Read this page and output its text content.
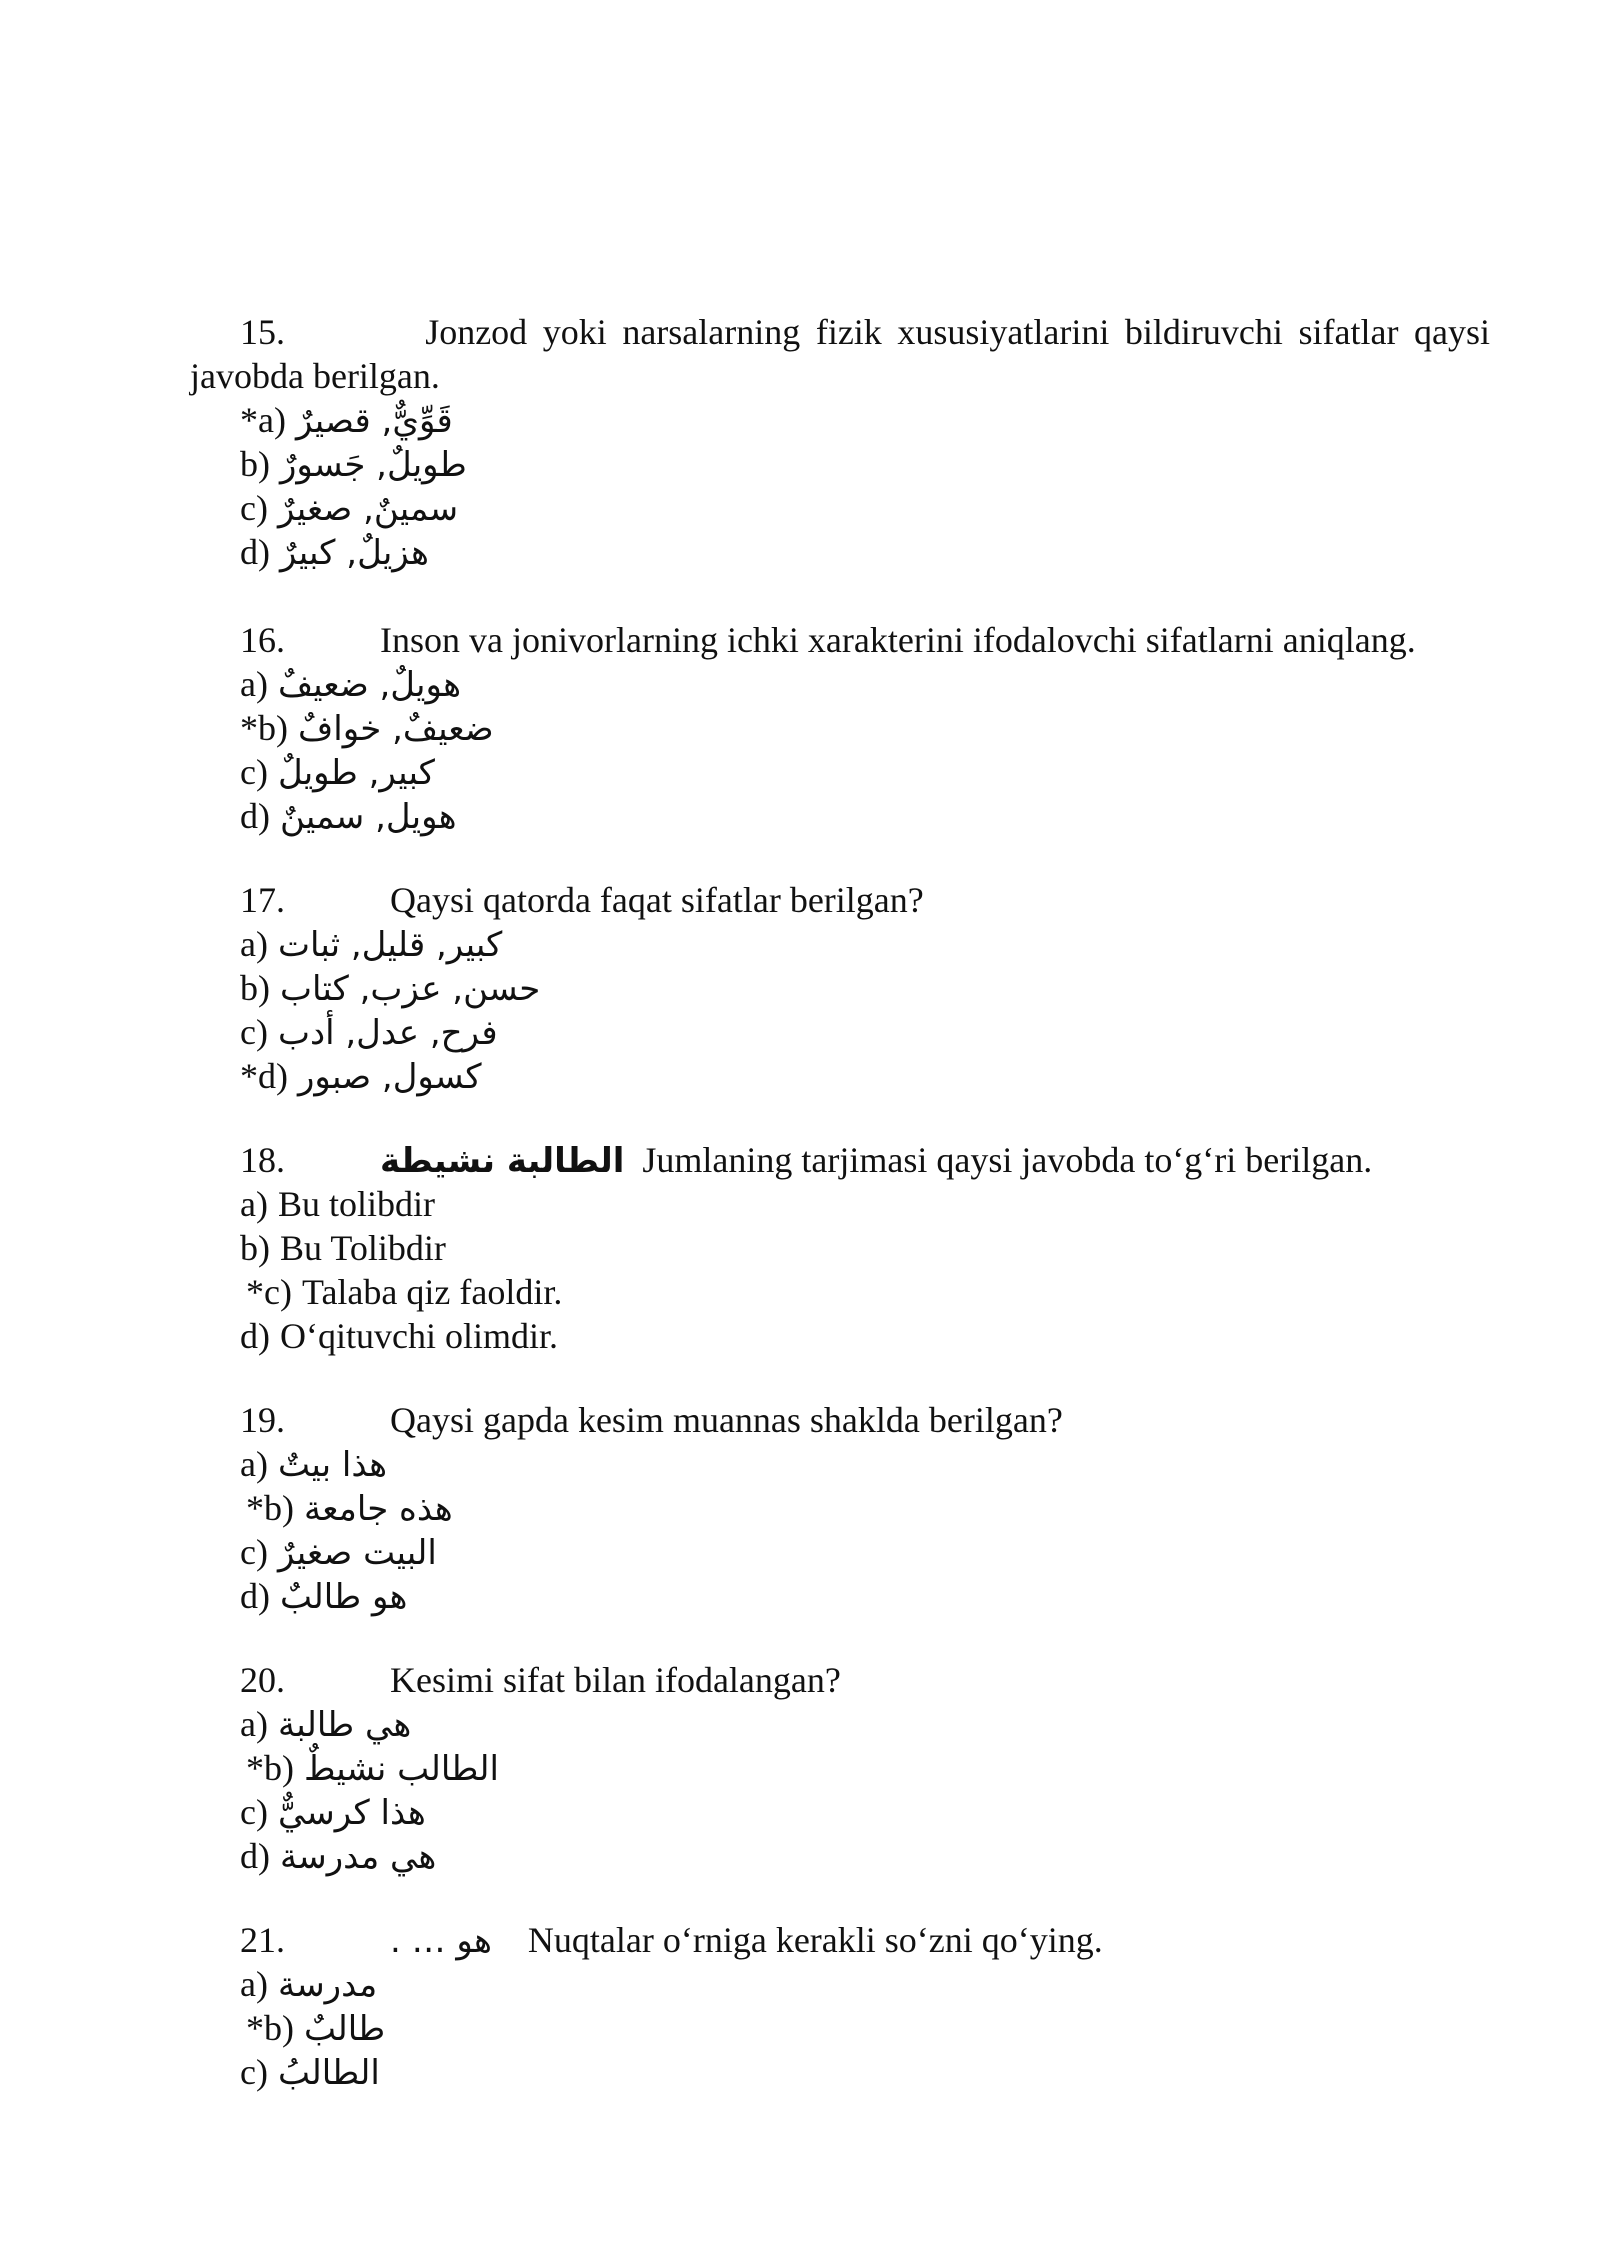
15.	Jonzod yoki narsalarning fizik xususiyatlarini bildiruvchi sifatlar qaysi
javobda berilgan.
*a) قَوِّيٌّ, قصيرٌ
b) طويلٌ, جَسورٌ
c) سمينٌ, صغيرٌ
d) هزيلٌ, كبيرٌ
16.	Inson va jonivorlarning ichki xarakterini ifodalovchi sifatlarni aniqlang.
a) هويلٌ, ضعيفٌ
*b) ضعيفٌ, خوافٌ
c) كبير, طويلٌ
d) هويل, سمينٌ
17.	Qaysi qatorda faqat sifatlar berilgan?
a) كبير, قليل, ثبات
b) حسن, عزب, كتاب
c) فرح, عدل, أدب
*d) كسول, صبور
18.	الطالبة نشيطة Jumlaning tarjimasi qaysi javobda to‘g‘ri berilgan.
a) Bu tolibdir
b) Bu Tolibdir
*c) Talaba qiz faoldir.
d) O‘qituvchi olimdir.
19.	Qaysi gapda kesim muannas shaklda berilgan?
a) هذا بيتٌ
*b) هذه جامعة
c) البيت صغيرٌ
d) هو طالبٌ
20.	Kesimi sifat bilan ifodalangan?
a) هي طالبة
*b) الطالب نشيطٌ
c) هذا كرسيٌّ
d) هي مدرسة
21.	هو … . Nuqtalar o‘rniga kerakli so‘zni qo‘ying.
a) مدرسة
*b) طالبٌ
c) الطالبُ
